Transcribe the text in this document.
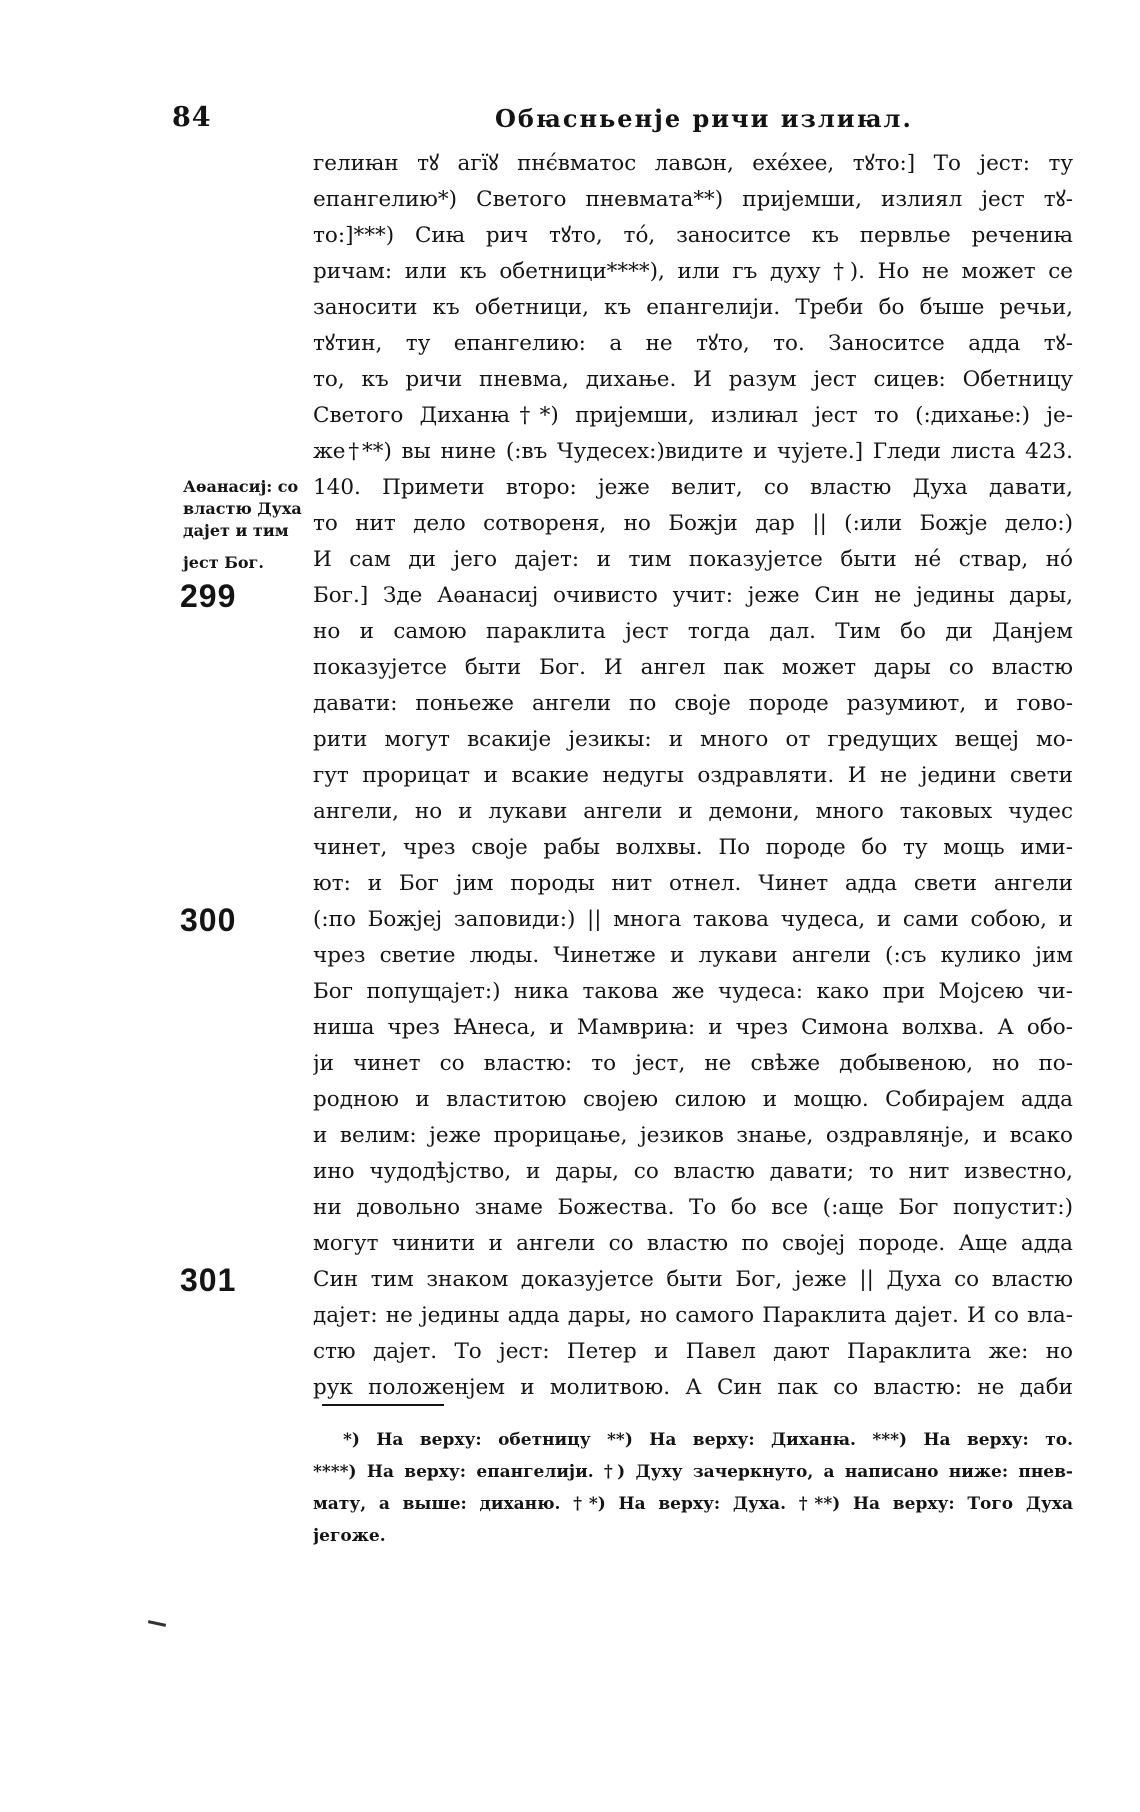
84	Обꙗсньенје ричи излиꙗл.
гелиꙗн тꙋ агїꙋ пнє́вматос лавꙍн, ехе́хее, тꙋто:] То јест: ту
епангелию*) Светого пневмата**) пријемши, излиял јест тꙋ-
то:]***) Сиꙗ рич тꙋто, то́, заноситсе къ первлье речениꙗ
ричам: или къ обетници****), или гъ духу †). Но не может се
заносити къ обетници, къ епангелији. Треби бо бꙑше речьи,
тꙋтин, ту епангелию: а не тꙋто, то. Заноситсе адда тꙋ-
то, къ ричи пневма, дихање. И разум јест сицев: Обетницу
Светого Диханꙗ†*) пријемши, излиꙗл јест то (:дихање:) је-
же†**) вы нине (:въ Чудесех:)видите и чујете.] Гледи листа 423.
140. Примети второ: јеже велит, со властю Духа давати,
то нит дело сотвореня, но Божји дар || (:или Божје дело:)
И сам ди јего дајет: и тим показујетсе быти не́ ствар, но́
Бог.] Зде Аѳанасиј очивисто учит: јеже Син не једины дары,
но и самою параклита јест тогда дал. Тим бо ди Данјем
показујетсе быти Бог. И ангел пак может дары со властю
давати: поньеже ангели по своје породе разумиют, и гово-
рити могут всакије језикы: и много от гредущих вещеј мо-
гут прорицат и всакие недугы оздравляти. И не једини свети
ангели, но и лукави ангели и демони, много таковых чудес
чинет, чрез своје рабы волхвы. По породе бо ту мощь ими-
ют: и Бог јим породы нит отнел. Чинет адда свети ангели
(:по Божјеј заповиди:) || многа такова чудеса, и сами собою, и
чрез светие люды. Чинетже и лукави ангели (:съ кулико јим
Бог попущајет:) ника такова же чудеса: како при Мојсею чи-
ниша чрез Ꙗнеса, и Мамвриꙗ: и чрез Симона волхва. А обо-
ји чинет со властю: то јест, не свѣже добывеною, но по-
родною и властитою својею силою и мощю. Собирајем адда
и велим: јеже прорицање, језиков знање, оздравлянје, и всако
ино чудодѣјство, и дары, со властю давати; то нит известно,
ни довольно знаме Божества. То бо все (:аще Бог попустит:)
могут чинити и ангели со властю по својеј породе. Аще адда
Син тим знаком доказујетсе быти Бог, јеже || Духа со властю
дајет: не једины адда дары, но самого Параклита дајет. И со вла-
стю дајет. То јест: Петер и Павел дают Параклита же: но
рук положенјем и молитвою. А Син пак со властю: не даби
Аѳанасиј: со
властю Духа
дајет и тим
јест Бог.
299
300
301
*) На верху: обетницу **) На верху: Диханꙗ. ***) На верху: то.
****) На верху: епангелији. †) Духу зачеркнуто, а написано ниже: пнев-
мату, а выше: диханю. †*) На верху: Духа. †**) На верху: Того Духа
јегоже.
